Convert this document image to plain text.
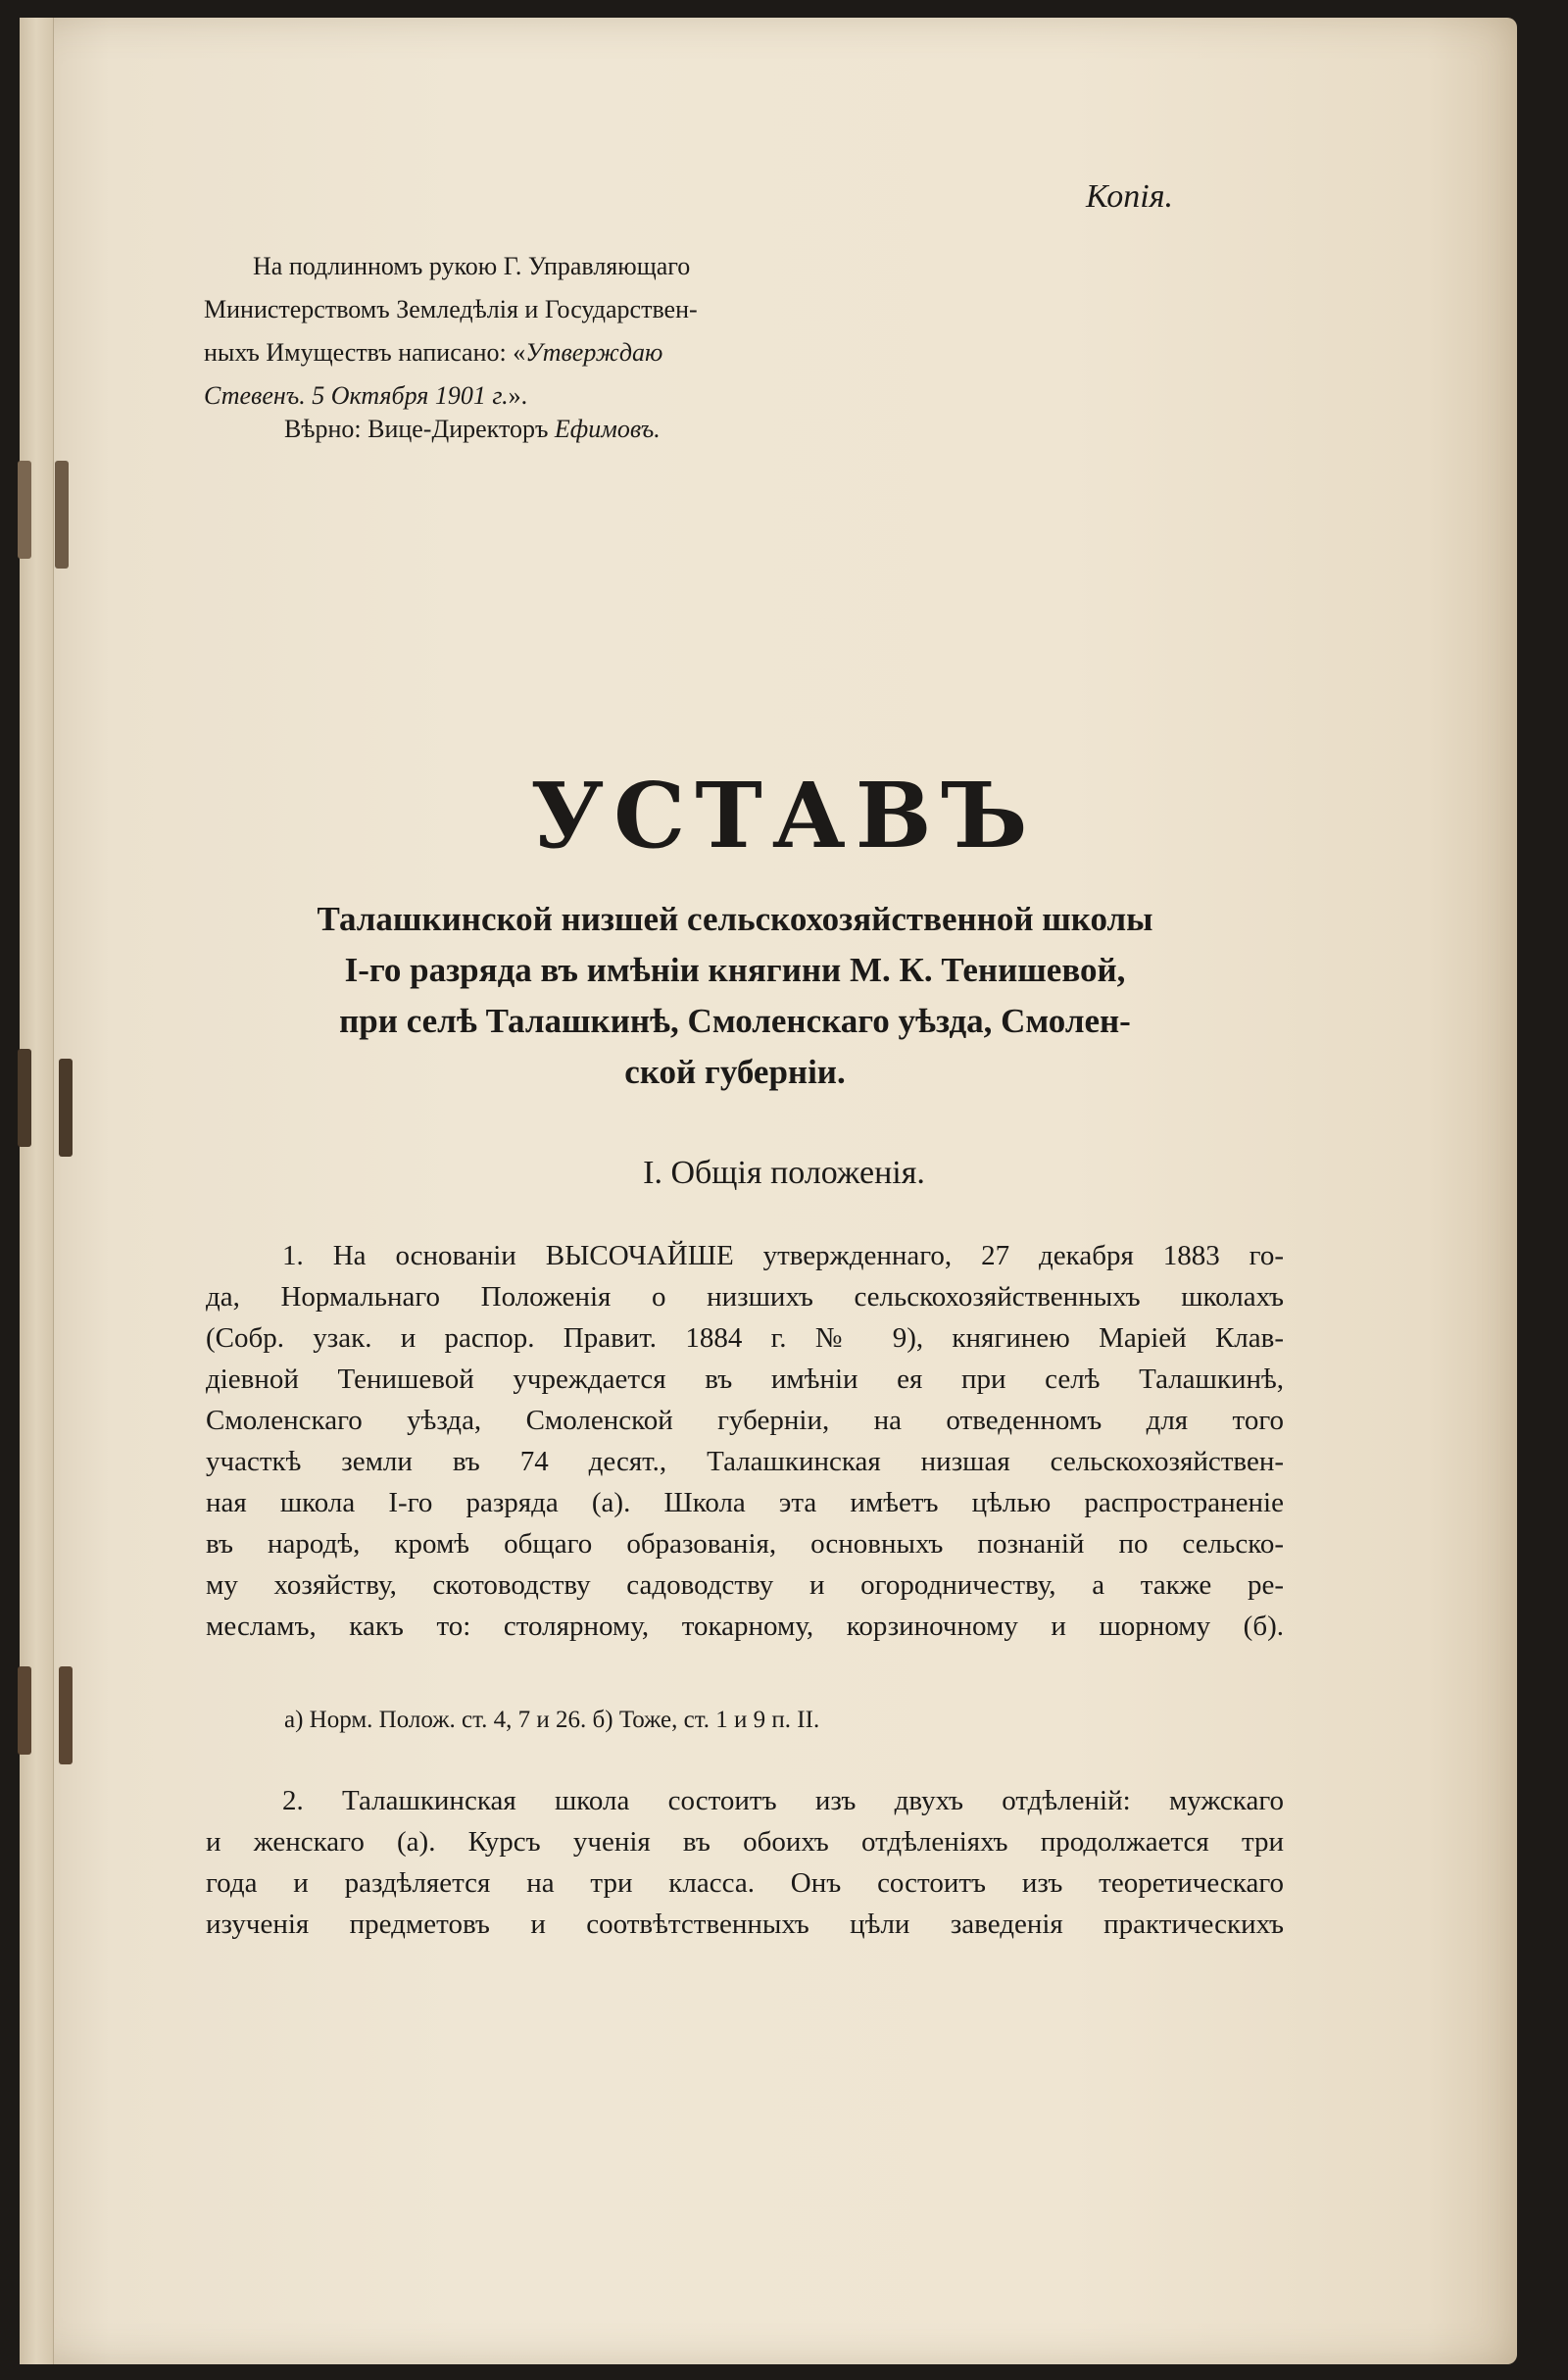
Копія.
На подлинномъ рукою Г. Управляющаго
Министерствомъ Земледѣлія и Государствен-
ныхъ Имуществъ написано: «Утверждаю
Стевенъ. 5 Октября 1901 г.».
Вѣрно: Вице-Директоръ Ефимовъ.
УСТАВЪ
Талашкинской низшей сельскохозяйственной школы
I-го разряда въ имѣніи княгини М. К. Тенишевой,
при селѣ Талашкинѣ, Смоленскаго уѣзда, Смолен-
ской губерніи.
I. Общія положенія.
1. На основаніи ВЫСОЧАЙШЕ утвержденнаго, 27 декабря 1883 го-
да, Нормальнаго Положенія о низшихъ сельскохозяйственныхъ школахъ
(Собр. узак. и распор. Правит. 1884 г. № 9), княгинею Маріей Клав-
діевной Тенишевой учреждается въ имѣніи ея при селѣ Талашкинѣ,
Смоленскаго уѣзда, Смоленской губерніи, на отведенномъ для того
участкѣ земли въ 74 десят., Талашкинская низшая сельскохозяйствен-
ная школа I-го разряда (а). Школа эта имѣетъ цѣлью распространеніе
въ народѣ, кромѣ общаго образованія, основныхъ познаній по сельско-
му хозяйству, скотоводству садоводству и огородничеству, а также ре-
месламъ, какъ то: столярному, токарному, корзиночному и шорному (б).
а) Норм. Полож. ст. 4, 7 и 26. б) Тоже, ст. 1 и 9 п. II.
2. Талашкинская школа состоитъ изъ двухъ отдѣленій: мужскаго
и женскаго (а). Курсъ ученія въ обоихъ отдѣленіяхъ продолжается три
года и раздѣляется на три класса. Онъ состоитъ изъ теоретическаго
изученія предметовъ и соотвѣтственныхъ цѣли заведенія практическихъ
